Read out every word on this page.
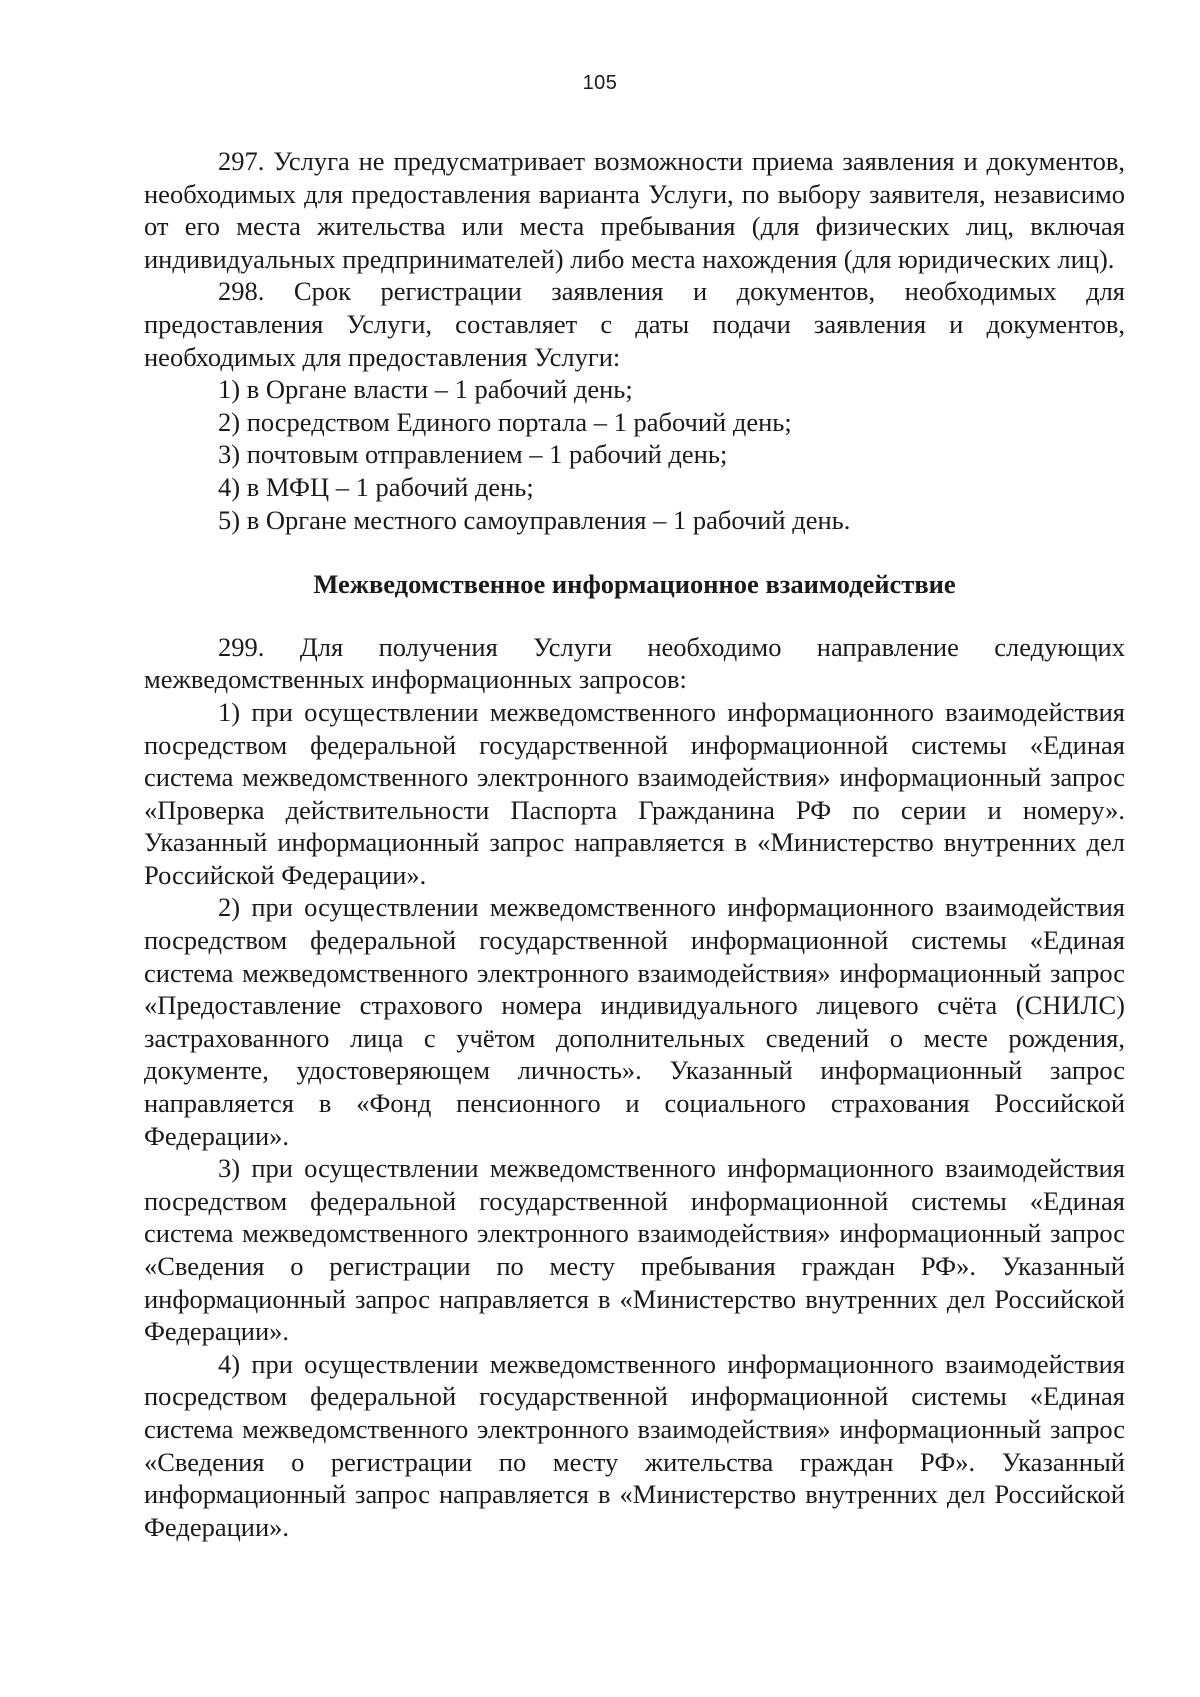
105

297. Услуга не предусматривает возможности приема заявления и документов, необходимых для предоставления варианта Услуги, по выбору заявителя, независимо от его места жительства или места пребывания (для физических лиц, включая индивидуальных предпринимателей) либо места нахождения (для юридических лиц).

298. Срок регистрации заявления и документов, необходимых для предоставления Услуги, составляет с даты подачи заявления и документов, необходимых для предоставления Услуги:

1) в Органе власти – 1 рабочий день;

2) посредством Единого портала – 1 рабочий день;

3) почтовым отправлением – 1 рабочий день;

4) в МФЦ – 1 рабочий день;

5) в Органе местного самоуправления – 1 рабочий день.

Межведомственное информационное взаимодействие

299. Для получения Услуги необходимо направление следующих межведомственных информационных запросов:

1) при осуществлении межведомственного информационного взаимодействия посредством федеральной государственной информационной системы «Единая система межведомственного электронного взаимодействия» информационный запрос «Проверка действительности Паспорта Гражданина РФ по серии и номеру». Указанный информационный запрос направляется в «Министерство внутренних дел Российской Федерации».

2) при осуществлении межведомственного информационного взаимодействия посредством федеральной государственной информационной системы «Единая система межведомственного электронного взаимодействия» информационный запрос «Предоставление страхового номера индивидуального лицевого счёта (СНИЛС) застрахованного лица с учётом дополнительных сведений о месте рождения, документе, удостоверяющем личность». Указанный информационный запрос направляется в «Фонд пенсионного и социального страхования Российской Федерации».

3) при осуществлении межведомственного информационного взаимодействия посредством федеральной государственной информационной системы «Единая система межведомственного электронного взаимодействия» информационный запрос «Сведения о регистрации по месту пребывания граждан РФ». Указанный информационный запрос направляется в «Министерство внутренних дел Российской Федерации».

4) при осуществлении межведомственного информационного взаимодействия посредством федеральной государственной информационной системы «Единая система межведомственного электронного взаимодействия» информационный запрос «Сведения о регистрации по месту жительства граждан РФ». Указанный информационный запрос направляется в «Министерство внутренних дел Российской Федерации».
